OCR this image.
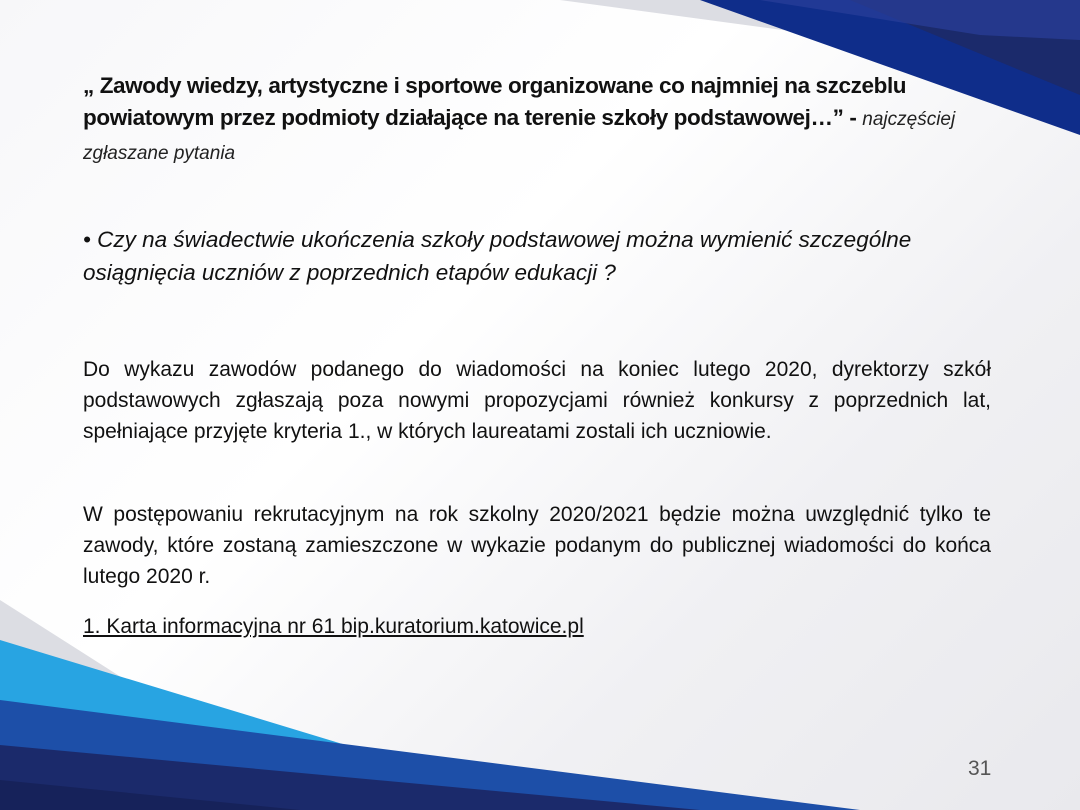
„ Zawody wiedzy, artystyczne i sportowe organizowane co najmniej na szczeblu powiatowym przez podmioty działające na terenie szkoły podstawowej…” - najczęściej zgłaszane pytania

• Czy na świadectwie ukończenia szkoły podstawowej można wymienić szczególne osiągnięcia uczniów z poprzednich etapów edukacji ?

Do wykazu zawodów podanego do wiadomości na koniec lutego 2020, dyrektorzy szkół podstawowych zgłaszają poza nowymi propozycjami również konkursy z poprzednich lat, spełniające przyjęte kryteria 1., w których laureatami zostali ich uczniowie.

W postępowaniu rekrutacyjnym na rok szkolny 2020/2021 będzie można uwzględnić tylko te zawody, które zostaną zamieszczone w wykazie podanym do publicznej wiadomości do końca lutego 2020 r.

1. Karta informacyjna nr 61 bip.kuratorium.katowice.pl

31
